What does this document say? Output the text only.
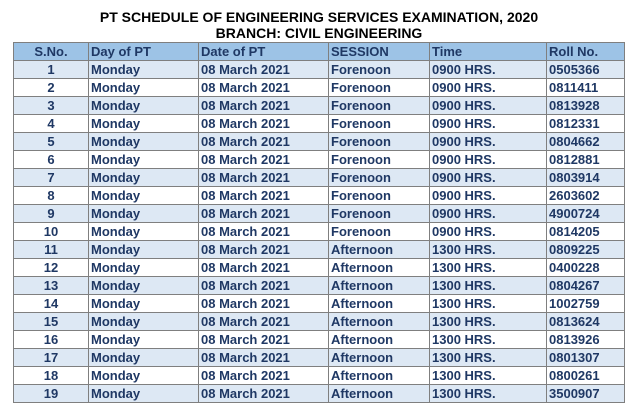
PT SCHEDULE OF ENGINEERING SERVICES EXAMINATION, 2020
BRANCH: CIVIL ENGINEERING
S.No.	Day of PT	Date of PT	SESSION	Time	Roll No.
1	Monday	08 March 2021	Forenoon	0900 HRS.	0505366
2	Monday	08 March 2021	Forenoon	0900 HRS.	0811411
3	Monday	08 March 2021	Forenoon	0900 HRS.	0813928
4	Monday	08 March 2021	Forenoon	0900 HRS.	0812331
5	Monday	08 March 2021	Forenoon	0900 HRS.	0804662
6	Monday	08 March 2021	Forenoon	0900 HRS.	0812881
7	Monday	08 March 2021	Forenoon	0900 HRS.	0803914
8	Monday	08 March 2021	Forenoon	0900 HRS.	2603602
9	Monday	08 March 2021	Forenoon	0900 HRS.	4900724
10	Monday	08 March 2021	Forenoon	0900 HRS.	0814205
11	Monday	08 March 2021	Afternoon	1300 HRS.	0809225
12	Monday	08 March 2021	Afternoon	1300 HRS.	0400228
13	Monday	08 March 2021	Afternoon	1300 HRS.	0804267
14	Monday	08 March 2021	Afternoon	1300 HRS.	1002759
15	Monday	08 March 2021	Afternoon	1300 HRS.	0813624
16	Monday	08 March 2021	Afternoon	1300 HRS.	0813926
17	Monday	08 March 2021	Afternoon	1300 HRS.	0801307
18	Monday	08 March 2021	Afternoon	1300 HRS.	0800261
19	Monday	08 March 2021	Afternoon	1300 HRS.	3500907
